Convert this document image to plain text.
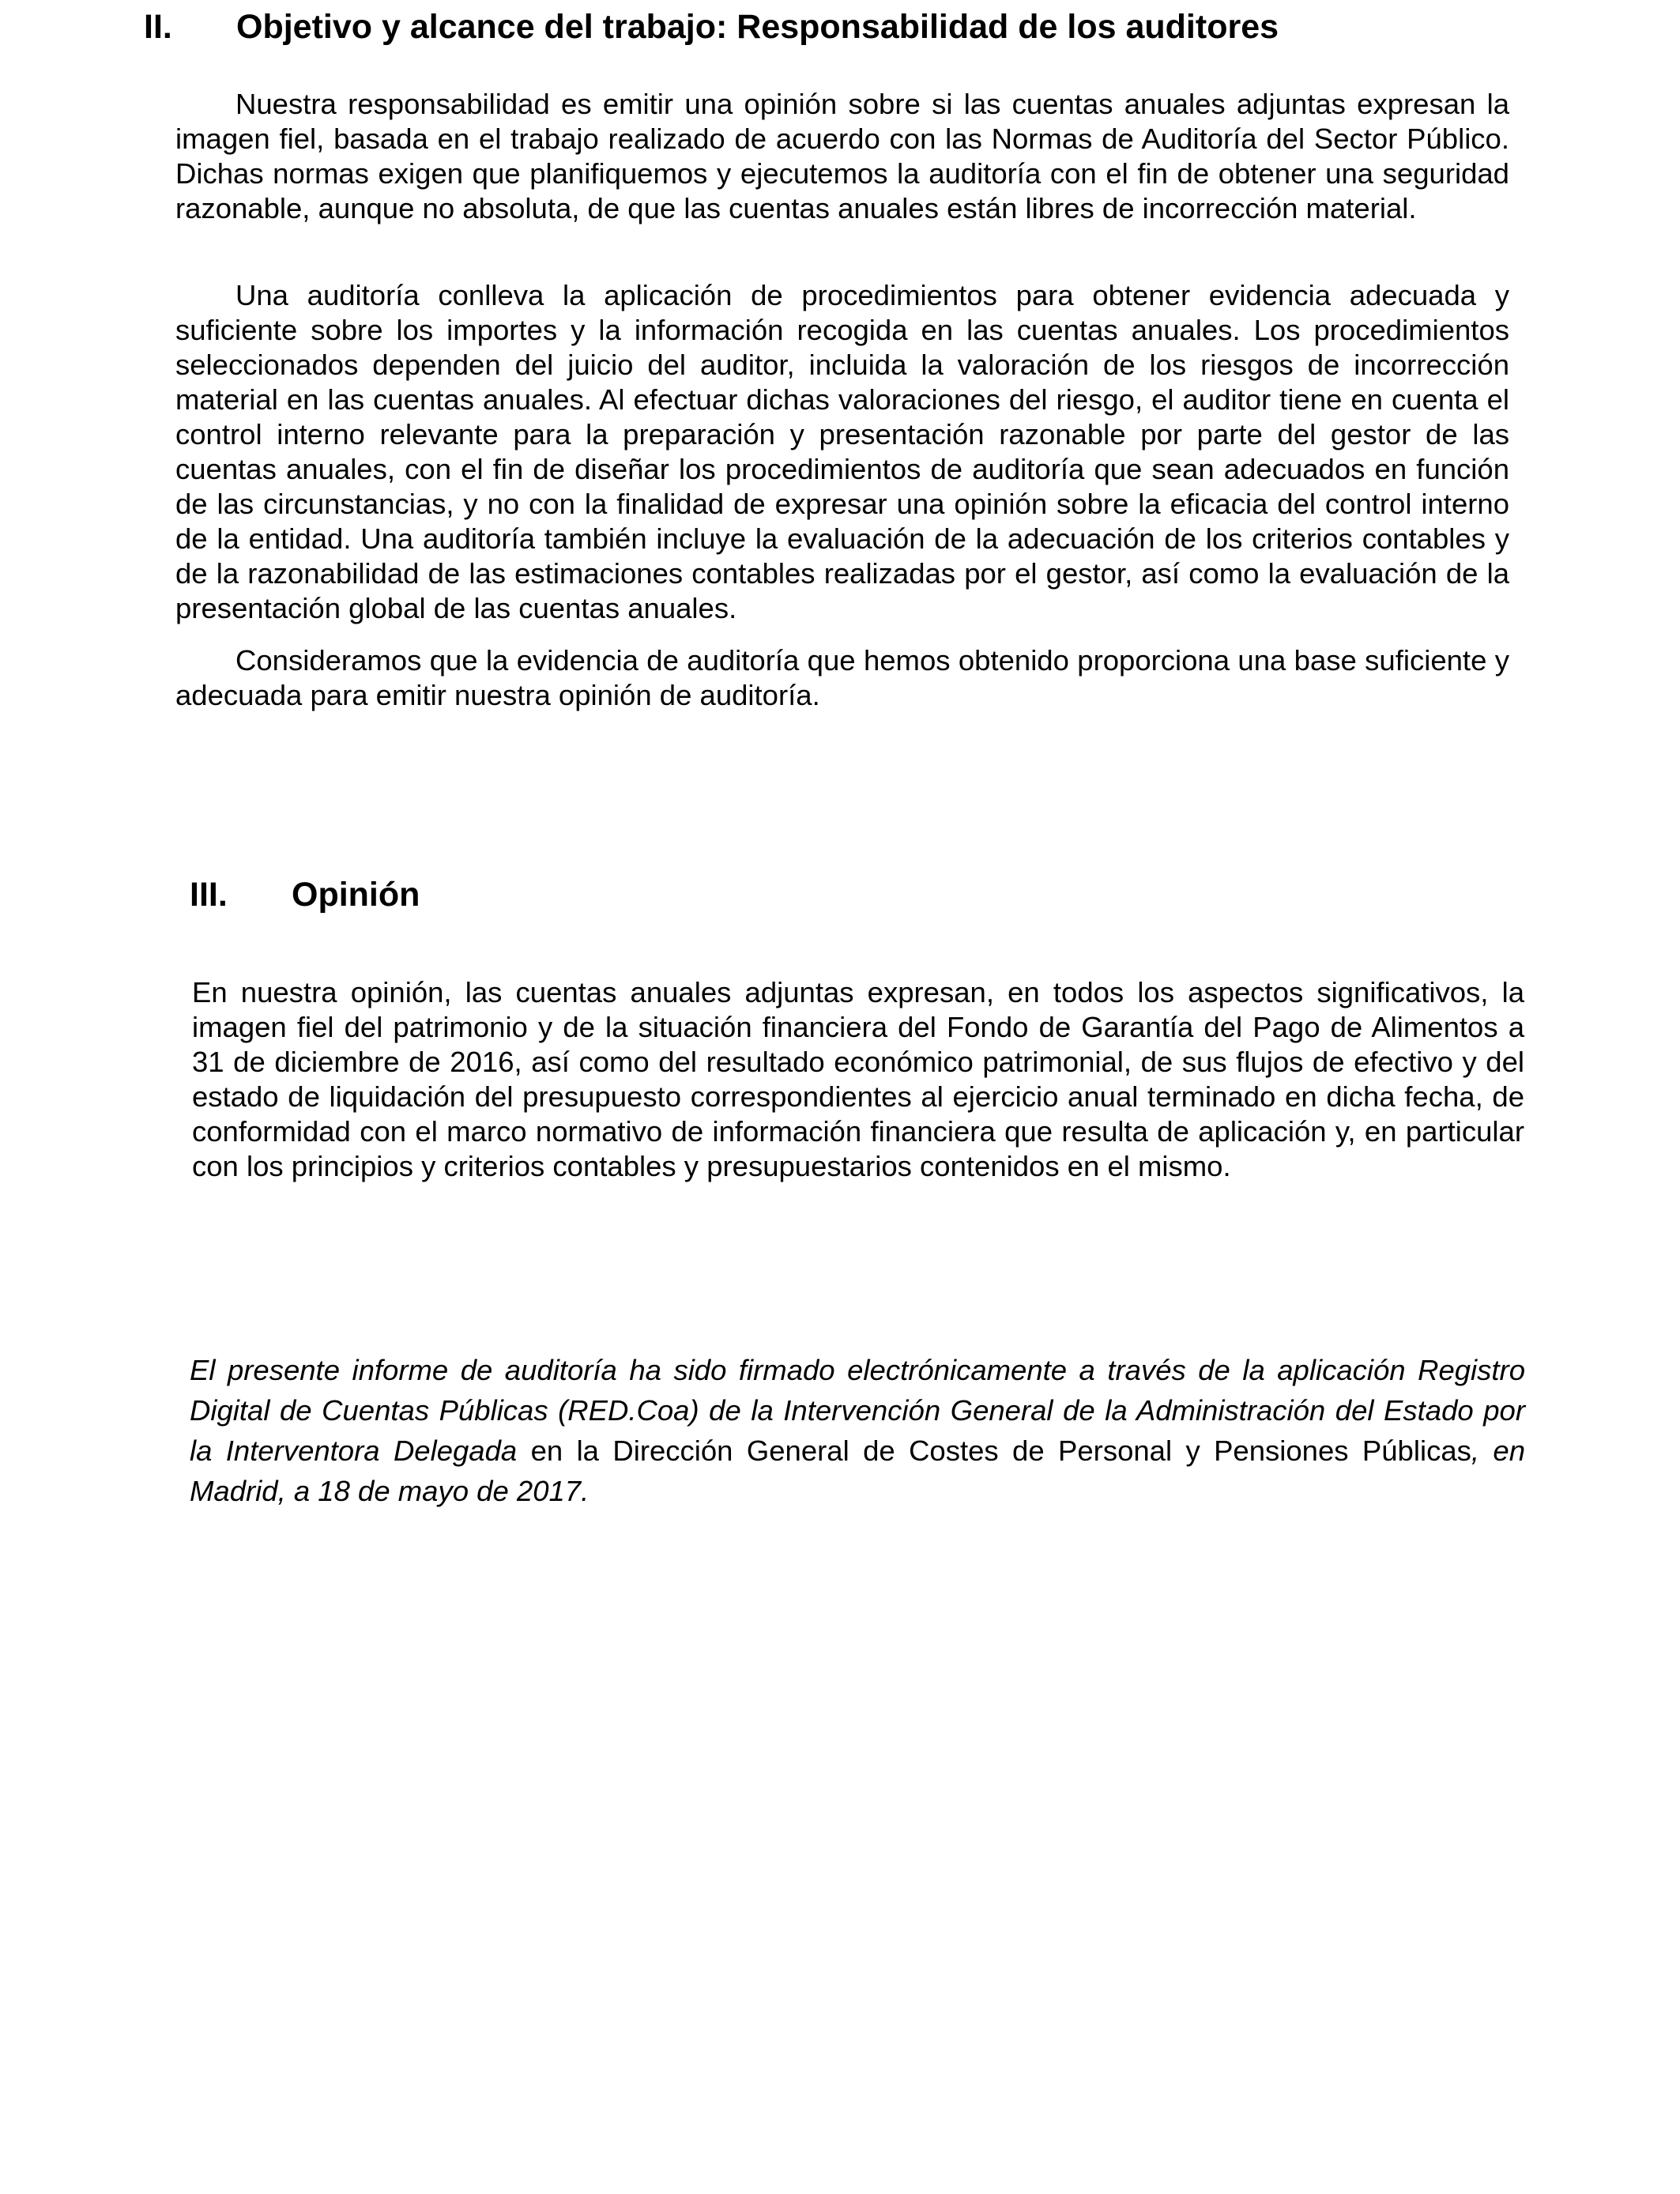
II. Objetivo y alcance del trabajo: Responsabilidad de los auditores

Nuestra responsabilidad es emitir una opinión sobre si las cuentas anuales adjuntas expresan la imagen fiel, basada en el trabajo realizado de acuerdo con las Normas de Auditoría del Sector Público. Dichas normas exigen que planifiquemos y ejecutemos la auditoría con el fin de obtener una seguridad razonable, aunque no absoluta, de que las cuentas anuales están libres de incorrección material.

Una auditoría conlleva la aplicación de procedimientos para obtener evidencia adecuada y suficiente sobre los importes y la información recogida en las cuentas anuales. Los procedimientos seleccionados dependen del juicio del auditor, incluida la valoración de los riesgos de incorrección material en las cuentas anuales. Al efectuar dichas valoraciones del riesgo, el auditor tiene en cuenta el control interno relevante para la preparación y presentación razonable por parte del gestor de las cuentas anuales, con el fin de diseñar los procedimientos de auditoría que sean adecuados en función de las circunstancias, y no con la finalidad de expresar una opinión sobre la eficacia del control interno de la entidad. Una auditoría también incluye la evaluación de la adecuación de los criterios contables y de la razonabilidad de las estimaciones contables realizadas por el gestor, así como la evaluación de la presentación global de las cuentas anuales.

Consideramos que la evidencia de auditoría que hemos obtenido proporciona una base suficiente y adecuada para emitir nuestra opinión de auditoría.

III. Opinión

En nuestra opinión, las cuentas anuales adjuntas expresan, en todos los aspectos significativos, la imagen fiel del patrimonio y de la situación financiera del Fondo de Garantía del Pago de Alimentos a 31 de diciembre de 2016, así como del resultado económico patrimonial, de sus flujos de efectivo y del estado de liquidación del presupuesto correspondientes al ejercicio anual terminado en dicha fecha, de conformidad con el marco normativo de información financiera que resulta de aplicación y, en particular con los principios y criterios contables y presupuestarios contenidos en el mismo.

El presente informe de auditoría ha sido firmado electrónicamente a través de la aplicación Registro Digital de Cuentas Públicas (RED.Coa) de la Intervención General de la Administración del Estado por la Interventora Delegada en la Dirección General de Costes de Personal y Pensiones Públicas, en Madrid, a 18 de mayo de 2017.
